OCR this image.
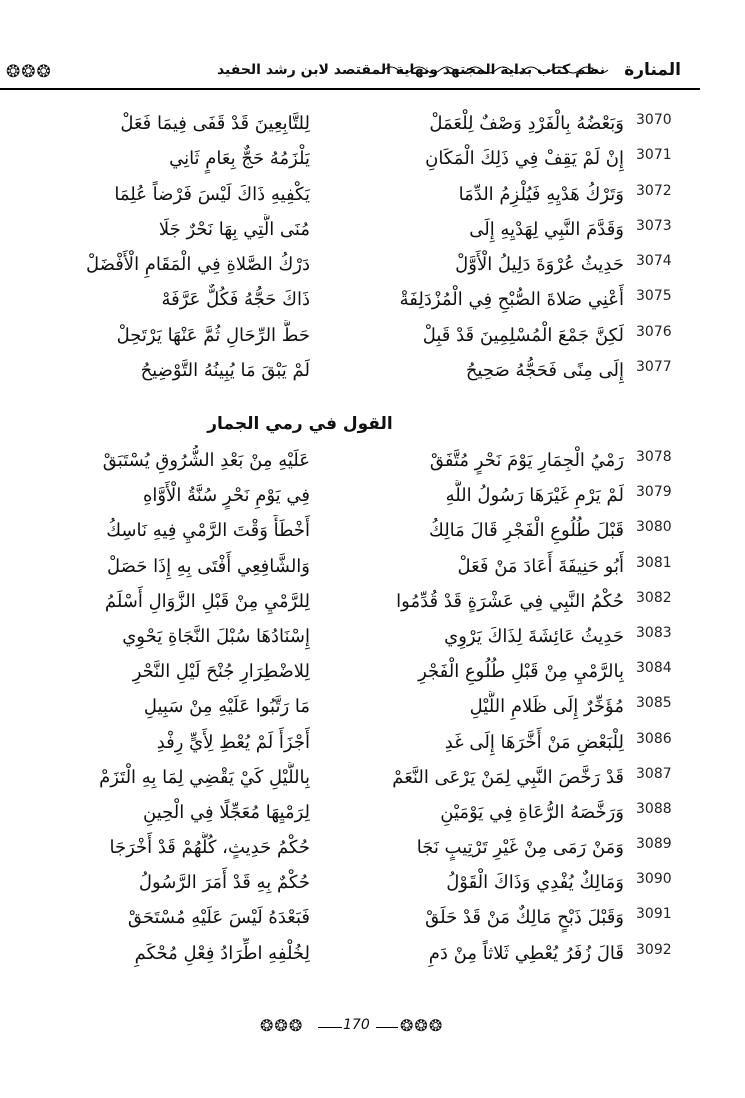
المنارة
نظم كتاب بداية المجتهد ونهاية المقتصد لابن رشد الحفيد
❂❂❂
3070
وَبَعْضُهُ بِالْفَرْدِ وَصْفٌ لِلْعَمَلْ
لِلتَّابِعِينَ قَدْ قَفَى فِيمَا فَعَلْ
3071
إِنْ لَمْ يَقِفْ فِي ذَلِكَ الْمَكَانِ
يَلْزَمُهُ حَجٌّ بِعَامٍ ثَانِي
3072
وَتَرْكُ هَدْيِهِ فَيُلْزِمُ الدِّمَا
يَكْفِيهِ ذَاكَ لَيْسَ فَرْضاً عُلِمَا
3073
وَقَدَّمَ النَّبِي لِهَدْيِهِ إِلَى
مُنَى الَّتِي بِهَا نَحْرٌ جَلَا
3074
حَدِيثُ عُرْوَةَ دَلِيلُ الْأَوَّلْ
دَرْكُ الصَّلاةِ فِي الْمَقَامِ الْأَفْضَلْ
3075
أَعْنِي صَلاةَ الصُّبْحِ فِي الْمُزْدَلِفَةْ
ذَاكَ حَجُّهُ فَكُلٌّ عَرَّفَهْ
3076
لَكِنَّ جَمْعَ الْمُسْلِمِينَ قَدْ قَبِلْ
حَطَّ الرِّحَالِ ثُمَّ عَنْهَا يَرْتَحِلْ
3077
إِلَى مِنًى فَحَجُّهُ صَحِيحُ
لَمْ يَبْقَ مَا يُبِينُهُ التَّوْضِيحُ
القول في رمي الجمار
3078
رَمْيُ الْجِمَارِ يَوْمَ نَحْرٍ مُتَّفَقْ
عَلَيْهِ مِنْ بَعْدِ الشُّرُوقِ يُسْتَبَقْ
3079
لَمْ يَرْمِ غَيْرَهَا رَسُولُ اللَّهِ
فِي يَوْمِ نَحْرٍ سُنَّةُ الْأَوَّاهِ
3080
قَبْلَ طُلُوعِ الْفَجْرِ قَالَ مَالِكُ
أَخْطَأَ وَقْتَ الرَّمْيِ فِيهِ نَاسِكُ
3081
أَبُو حَنِيفَةَ أَعَادَ مَنْ فَعَلْ
وَالشَّافِعِي أَفْتَى بِهِ إِذَا حَصَلْ
3082
حُكْمُ النَّبِي فِي عَشْرَةٍ قَدْ قُدِّمُوا
لِلرَّمْيِ مِنْ قَبْلِ الزَّوَالِ أَسْلَمُ
3083
حَدِيثُ عَائِشَةَ لِذَاكَ يَرْوِي
إِسْنَادُهَا سُبْلَ النَّجَاةِ يَحْوِي
3084
بِالرَّمْيِ مِنْ قَبْلِ طُلُوعِ الْفَجْرِ
لِلاضْطِرَارِ جُنْحَ لَيْلِ النَّحْرِ
3085
مُؤَخِّرٌ إِلَى ظَلامِ اللَّيْلِ
مَا رَتَّبُوا عَلَيْهِ مِنْ سَبِيلِ
3086
لِلْبَعْضِ مَنْ أَخَّرَهَا إِلَى غَدِ
أَجْزَأَ لَمْ يُعْطِ لِأَيٍّ رِفْدِ
3087
قَدْ رَخَّصَ النَّبِي لِمَنْ يَرْعَى النَّعَمْ
بِاللَّيْلِ كَيْ يَقْضِي لِمَا بِهِ الْتَزَمْ
3088
وَرَخَّصَهُ الرُّعَاةِ فِي يَوْمَيْنِ
لِرَمْيِهَا مُعَجِّلًا فِي الْحِينِ
3089
وَمَنْ رَمَى مِنْ غَيْرِ تَرْتِيبٍ نَجَا
حُكْمُ حَدِيثٍ، كُلُّهُمْ قَدْ أَخْرَجَا
3090
وَمَالِكٌ يُفْدِي وَذَاكَ الْقَوْلُ
حُكْمٌ بِهِ قَدْ أَمَرَ الرَّسُولُ
3091
وَقَبْلَ ذَبْحٍ مَالِكٌ مَنْ قَدْ حَلَقْ
فَبَعْدَهُ لَيْسَ عَلَيْهِ مُسْتَحَقْ
3092
قَالَ زُفَرُ يُعْطِي ثَلاثاً مِنْ دَمِ
لِخُلْفِهِ اطِّرَادُ فِعْلِ مُحْكَمِ
❂❂❂	170 ❂❂❂
